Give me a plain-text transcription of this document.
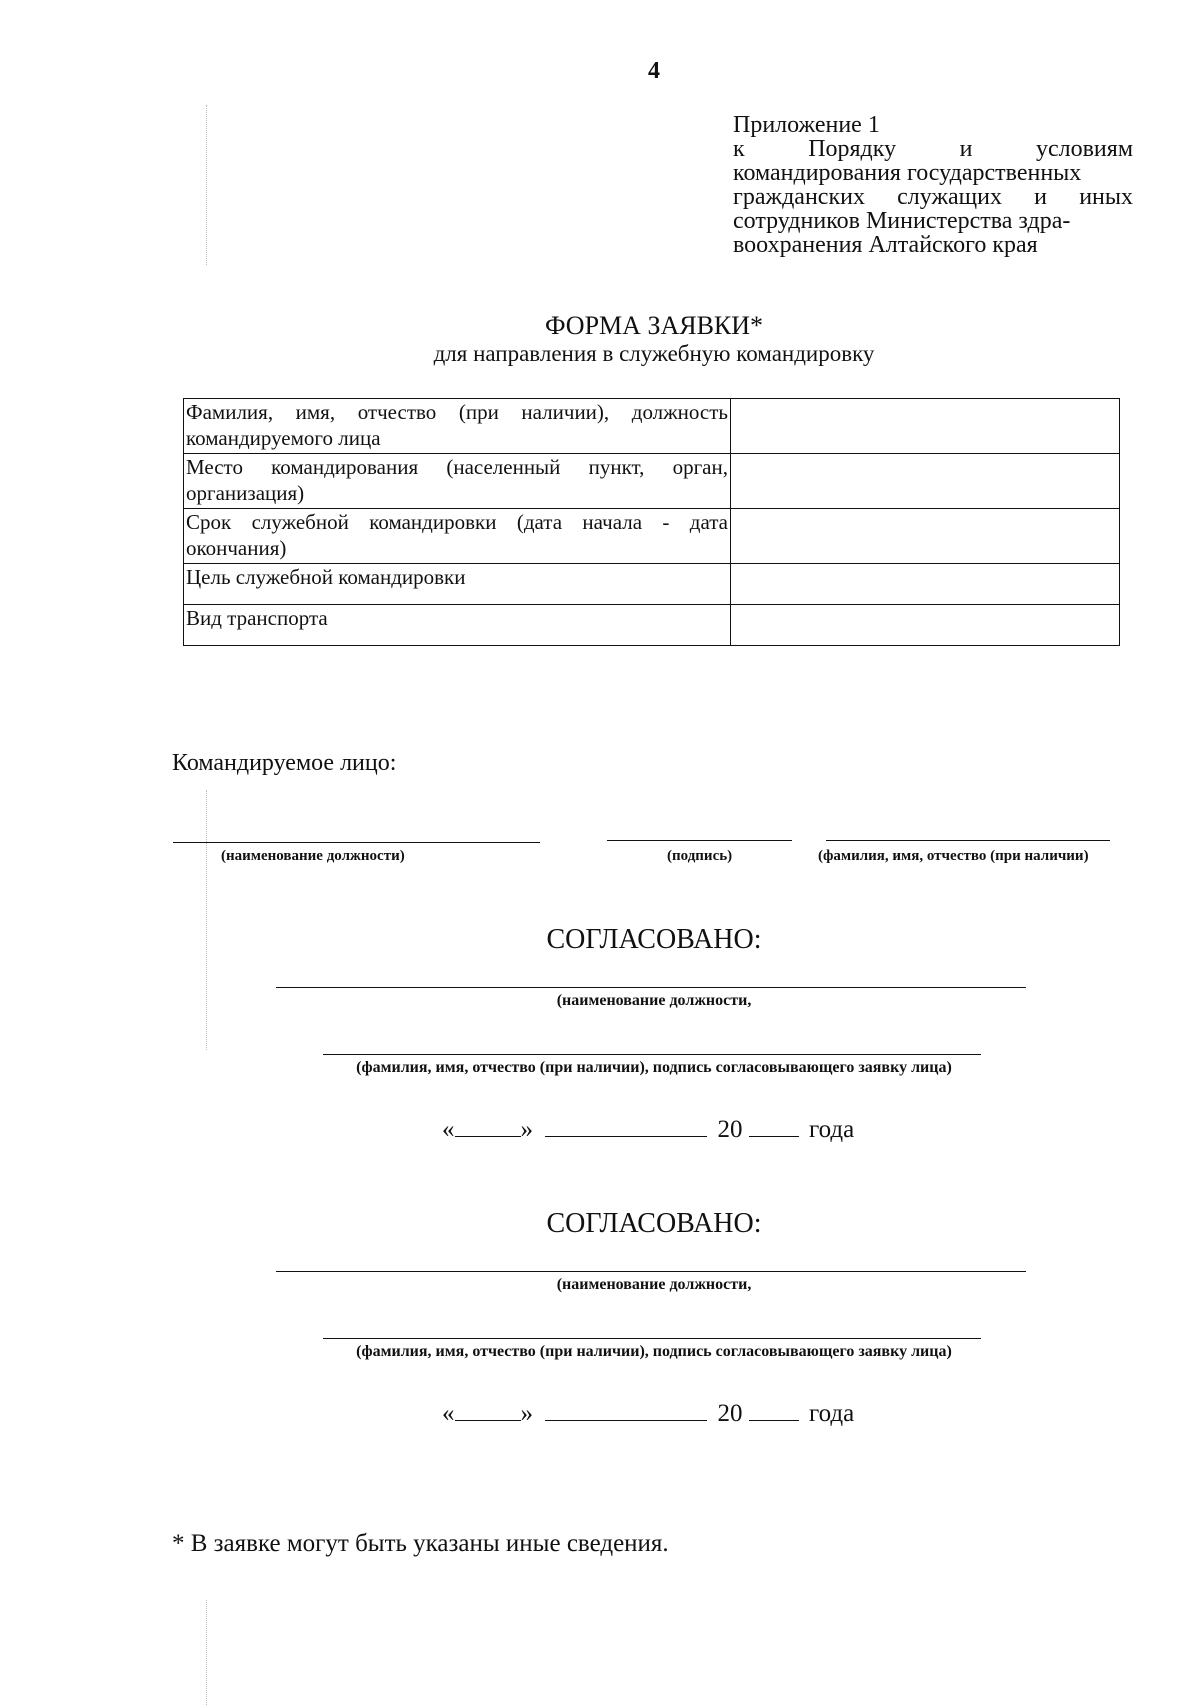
4
Приложение 1
к	Порядку	и	условиям
командирования государственных
гражданских служащих и иных
сотрудников Министерства здра-
воохранения Алтайского края
ФОРМА ЗАЯВКИ*
для направления в служебную командировку
Фамилия, имя, отчество (при наличии), должность командируемого лица	
Место командирования (населенный пункт, орган, организация)	
Срок служебной командировки (дата начала - дата окончания)	
Цель служебной командировки	
Вид транспорта	
Командируемое лицо:
(наименование должности)	(подпись)	(фамилия, имя, отчество (при наличии)
СОГЛАСОВАНО:
(наименование должности,
(фамилия, имя, отчество (при наличии), подпись согласовывающего заявку лица)
«	»	20	года
СОГЛАСОВАНО:
(наименование должности,
(фамилия, имя, отчество (при наличии), подпись согласовывающего заявку лица)
«	»	20	года
* В заявке могут быть указаны иные сведения.
